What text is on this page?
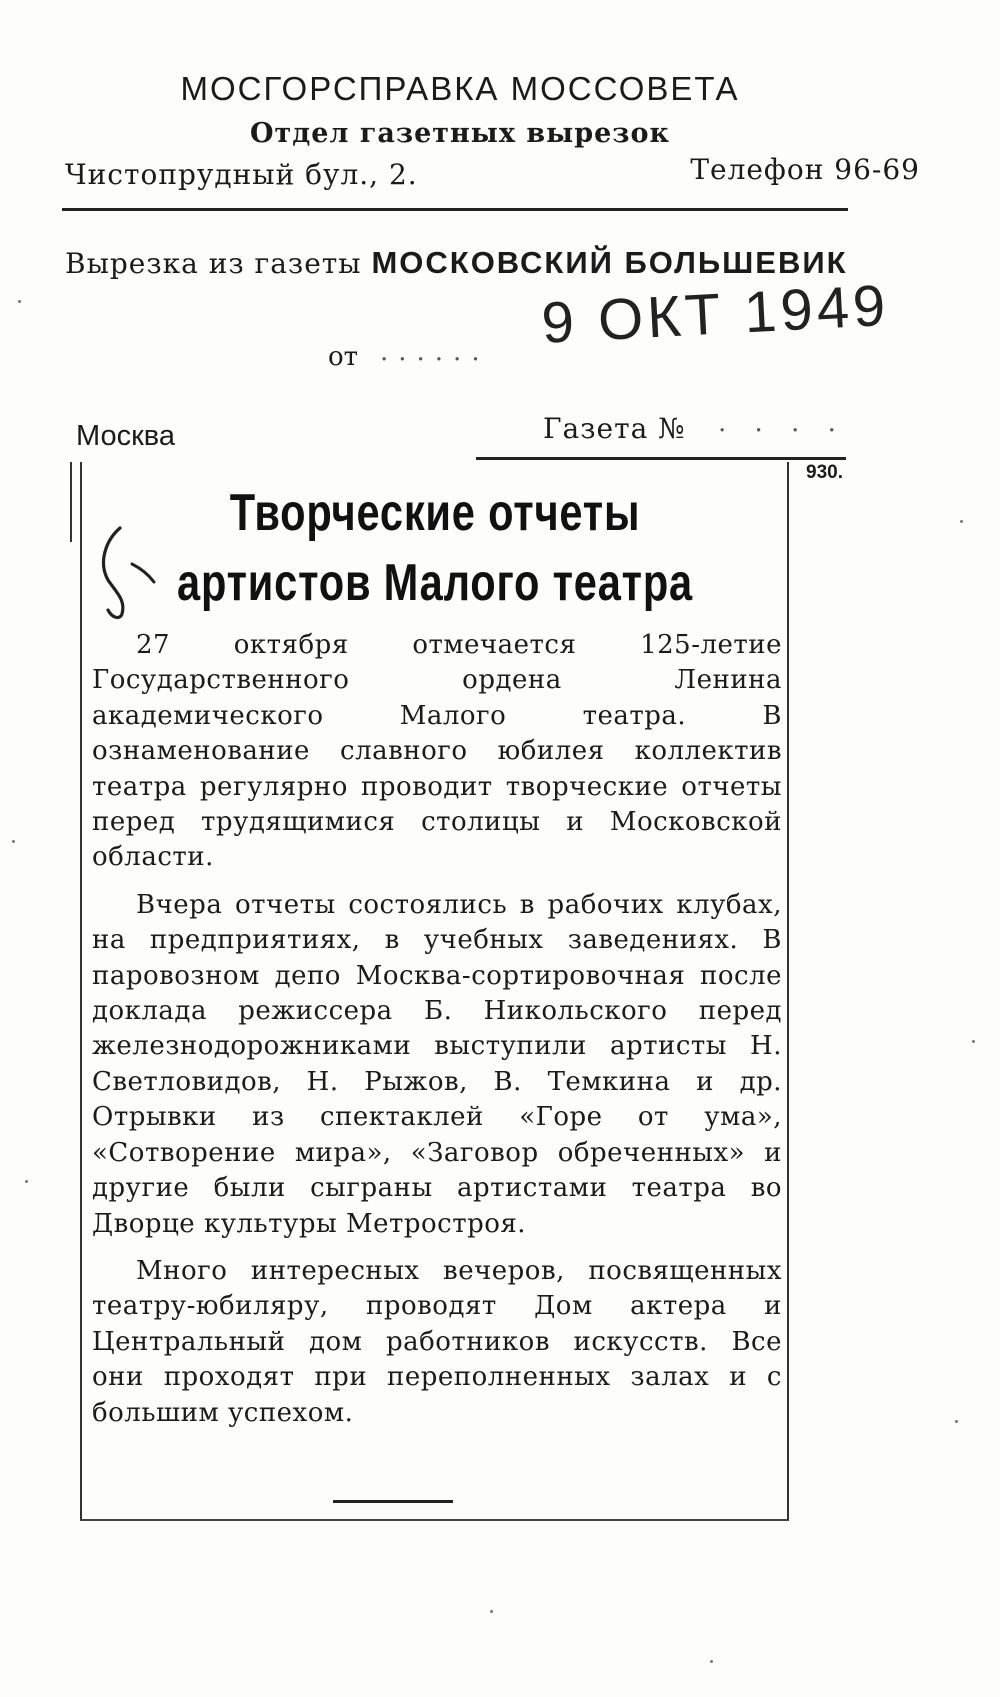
МОСГОРСПРАВКА МОССОВЕТА
Отдел газетных вырезок
Чистопрудный бул., 2.	Телефон 96-69
Вырезка из газеты МОСКОВСКИЙ БОЛЬШЕВИК
от ...... 9 ОКТ 1949
Москва	Газета № . . . .
930.
Творческие отчеты
артистов Малого театра

27 октября отмечается 125-летие Государственного ордена Ленина академического Малого театра. В ознаменование славного юбилея коллектив театра регулярно проводит творческие отчеты перед трудящимися столицы и Московской области.

Вчера отчеты состоялись в рабочих клубах, на предприятиях, в учебных заведениях. В паровозном депо Москва-сортировочная после доклада режиссера Б. Никольского перед железнодорожниками выступили артисты Н. Светловидов, Н. Рыжов, В. Темкина и др. Отрывки из спектаклей «Горе от ума», «Сотворение мира», «Заговор обреченных» и другие были сыграны артистами театра во Дворце культуры Метростроя.

Много интересных вечеров, посвященных театру-юбиляру, проводят Дом актера и Центральный дом работников искусств. Все они проходят при переполненных залах и с большим успехом.
